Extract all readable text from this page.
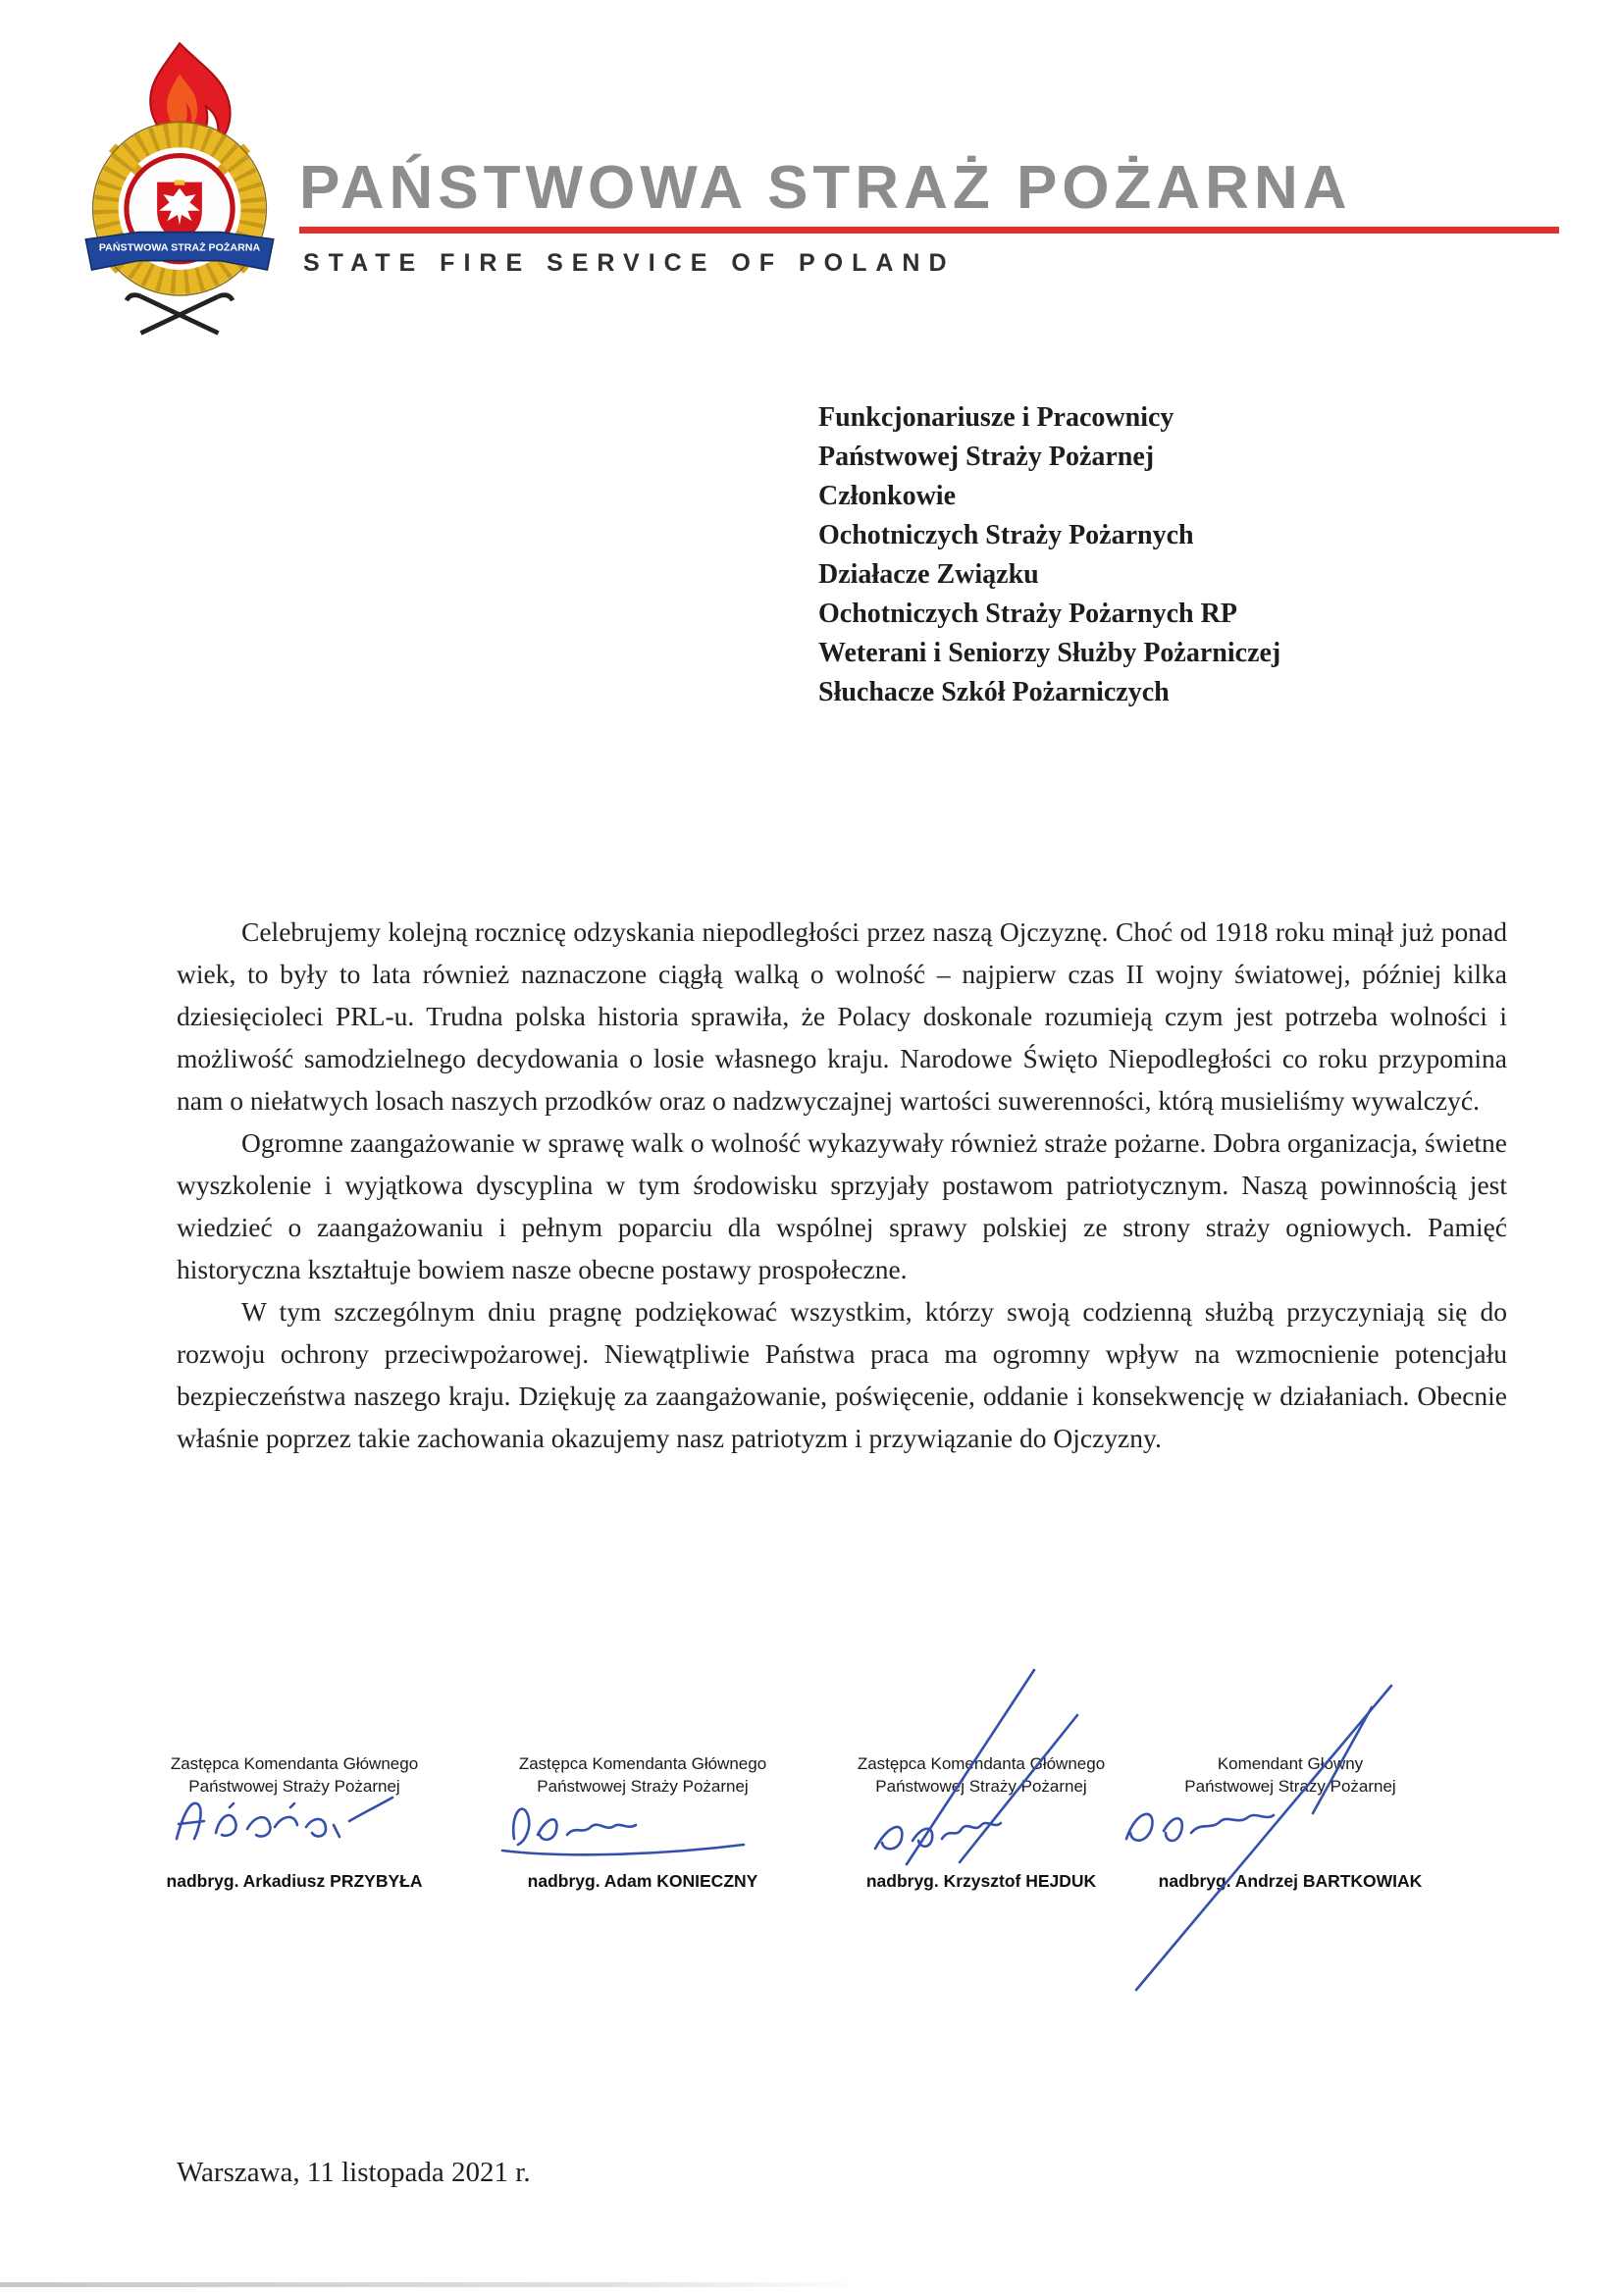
PAŃSTWOWA STRAŻ POŻARNA
PAŃSTWOWA STRAŻ POŻARNA
STATE FIRE SERVICE OF POLAND
Funkcjonariusze i Pracownicy
Państwowej Straży Pożarnej
Członkowie
Ochotniczych Straży Pożarnych
Działacze Związku
Ochotniczych Straży Pożarnych RP
Weterani i Seniorzy Służby Pożarniczej
Słuchacze Szkół Pożarniczych

Celebrujemy kolejną rocznicę odzyskania niepodległości przez naszą Ojczyznę. Choć od 1918 roku minął już ponad wiek, to były to lata również naznaczone ciągłą walką o wolność – najpierw czas II wojny światowej, później kilka dziesięcioleci PRL-u. Trudna polska historia sprawiła, że Polacy doskonale rozumieją czym jest potrzeba wolności i możliwość samodzielnego decydowania o losie własnego kraju. Narodowe Święto Niepodległości co roku przypomina nam o niełatwych losach naszych przodków oraz o nadzwyczajnej wartości suwerenności, którą musieliśmy wywalczyć.

Ogromne zaangażowanie w sprawę walk o wolność wykazywały również straże pożarne. Dobra organizacja, świetne wyszkolenie i wyjątkowa dyscyplina w tym środowisku sprzyjały postawom patriotycznym. Naszą powinnością jest wiedzieć o zaangażowaniu i pełnym poparciu dla wspólnej sprawy polskiej ze strony straży ogniowych. Pamięć historyczna kształtuje bowiem nasze obecne postawy prospołeczne.

W tym szczególnym dniu pragnę podziękować wszystkim, którzy swoją codzienną służbą przyczyniają się do rozwoju ochrony przeciwpożarowej. Niewątpliwie Państwa praca ma ogromny wpływ na wzmocnienie potencjału bezpieczeństwa naszego kraju. Dziękuję za zaangażowanie, poświęcenie, oddanie i konsekwencję w działaniach. Obecnie właśnie poprzez takie zachowania okazujemy nasz patriotyzm i przywiązanie do Ojczyzny.

Zastępca Komendanta Głównego
Państwowej Straży Pożarnej
nadbryg. Arkadiusz PRZYBYŁA
Zastępca Komendanta Głównego
Państwowej Straży Pożarnej
nadbryg. Adam KONIECZNY
Zastępca Komendanta Głównego
Państwowej Straży Pożarnej
nadbryg. Krzysztof HEJDUK
Komendant Główny
Państwowej Straży Pożarnej
nadbryg. Andrzej BARTKOWIAK
Warszawa, 11 listopada 2021 r.
